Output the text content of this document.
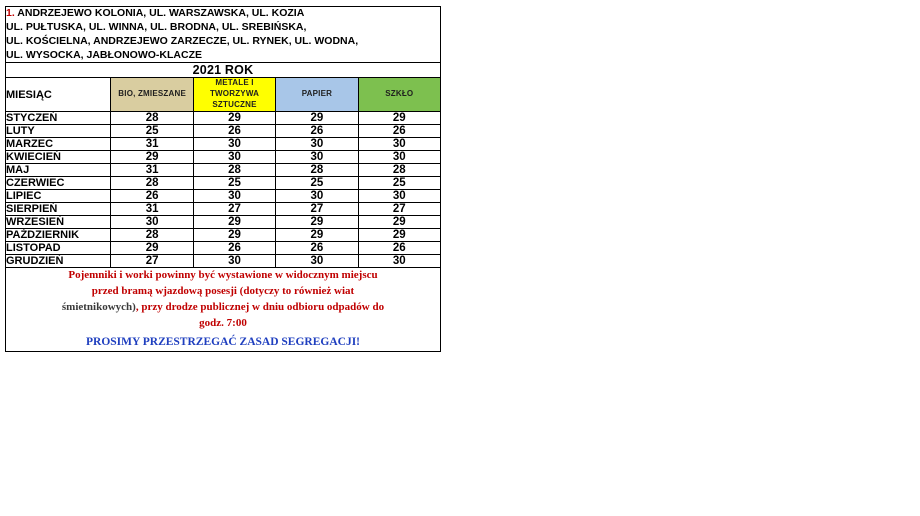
1. ANDRZEJEWO KOLONIA, UL. WARSZAWSKA, UL. KOZIA
UL. PUŁTUSKA, UL. WINNA, UL. BRODNA, UL. SREBIŃSKA,
UL. KOŚCIELNA, ANDRZEJEWO ZARZECZE, UL. RYNEK, UL. WODNA,
UL. WYSOCKA, JABŁONOWO-KLACZE				

2021 ROK				
MIESIĄC	BIO, ZMIESZANE	METALE I TWORZYWA SZTUCZNE	PAPIER	SZKŁO
STYCZEŃ	28	29	29	29
LUTY	25	26	26	26
MARZEC	31	30	30	30
KWIECIEŃ	29	30	30	30
MAJ	31	28	28	28
CZERWIEC	28	25	25	25
LIPIEC	26	30	30	30
SIERPIEŃ	31	27	27	27
WRZESIEŃ	30	29	29	29
PAŹDZIERNIK	28	29	29	29
LISTOPAD	29	26	26	26
GRUDZIEŃ	27	30	30	30

Pojemniki i worki powinny być wystawione w widocznym miejscu
przed bramą wjazdową posesji (dotyczy to również wiat
śmietnikowych), przy drodze publicznej w dniu odbioru odpadów do
godz. 7:00
PROSIMY PRZESTRZEGAĆ ZASAD SEGREGACJI!				
